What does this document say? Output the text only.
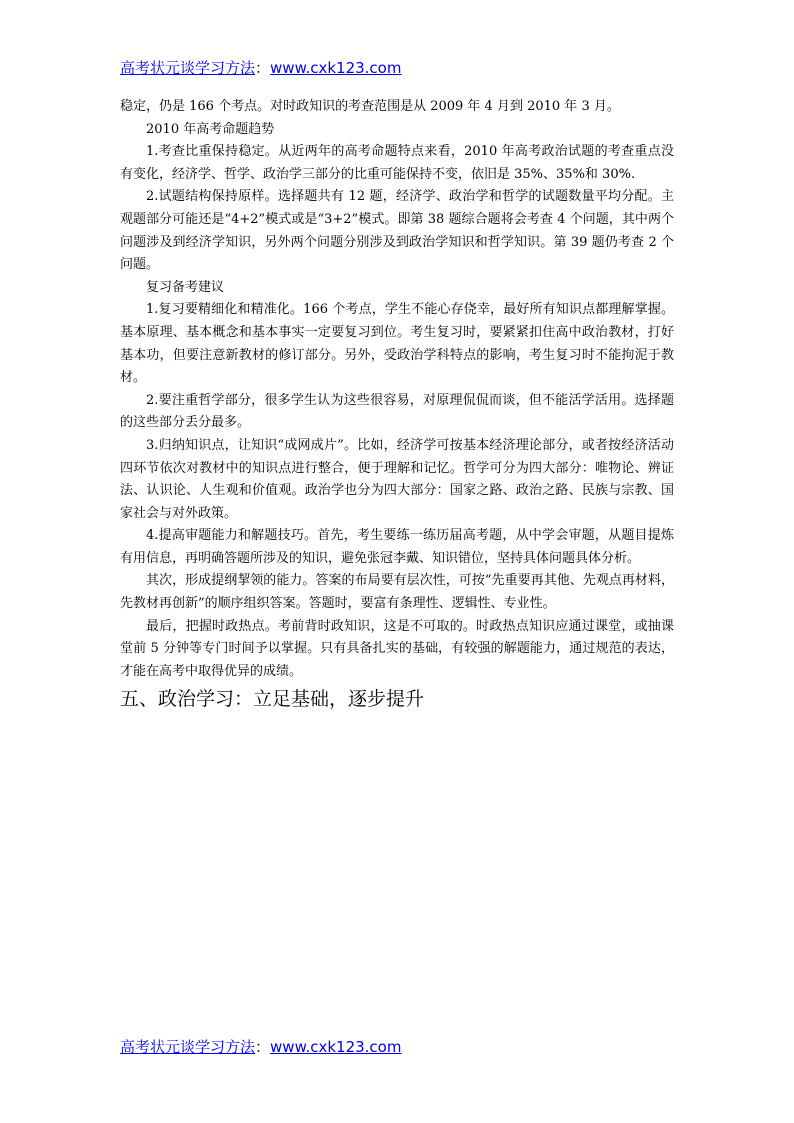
高考状元谈学习方法：www.cxk123.com

稳定，仍是 166 个考点。对时政知识的考查范围是从 2009 年 4 月到 2010 年 3 月。

2010 年高考命题趋势

1.考查比重保持稳定。从近两年的高考命题特点来看，2010 年高考政治试题的考查重点没有变化，经济学、哲学、政治学三部分的比重可能保持不变，依旧是 35%、35%和 30%.

2.试题结构保持原样。选择题共有 12 题，经济学、政治学和哲学的试题数量平均分配。主观题部分可能还是“4+2”模式或是“3+2”模式。即第 38 题综合题将会考查 4 个问题，其中两个问题涉及到经济学知识，另外两个问题分别涉及到政治学知识和哲学知识。第 39 题仍考查 2 个问题。

复习备考建议

1.复习要精细化和精准化。166 个考点，学生不能心存侥幸，最好所有知识点都理解掌握。基本原理、基本概念和基本事实一定要复习到位。考生复习时，要紧紧扣住高中政治教材，打好基本功，但要注意新教材的修订部分。另外，受政治学科特点的影响，考生复习时不能拘泥于教材。

2.要注重哲学部分，很多学生认为这些很容易，对原理侃侃而谈，但不能活学活用。选择题的这些部分丢分最多。

3.归纳知识点，让知识“成网成片”。比如，经济学可按基本经济理论部分，或者按经济活动四环节依次对教材中的知识点进行整合，便于理解和记忆。哲学可分为四大部分：唯物论、辨证法、认识论、人生观和价值观。政治学也分为四大部分：国家之路、政治之路、民族与宗教、国家社会与对外政策。

4.提高审题能力和解题技巧。首先，考生要练一练历届高考题，从中学会审题，从题目提炼有用信息，再明确答题所涉及的知识，避免张冠李戴、知识错位，坚持具体问题具体分析。

其次，形成提纲挈领的能力。答案的布局要有层次性，可按“先重要再其他、先观点再材料，先教材再创新”的顺序组织答案。答题时，要富有条理性、逻辑性、专业性。

最后，把握时政热点。考前背时政知识，这是不可取的。时政热点知识应通过课堂，或抽课堂前 5 分钟等专门时间予以掌握。只有具备扎实的基础，有较强的解题能力，通过规范的表达，才能在高考中取得优异的成绩。

五、政治学习：立足基础，逐步提升
高考状元谈学习方法：www.cxk123.com
